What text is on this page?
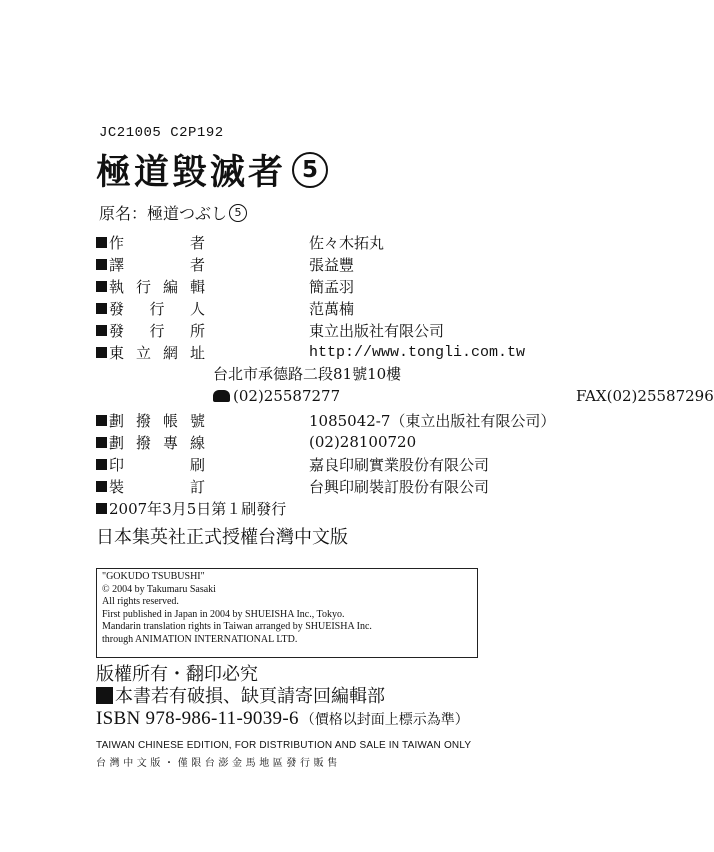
JC21005 C2P192
極道毀滅者 5
原名：極道つぶし 5
作　者	佐々木拓丸
譯　者	張益豐
執行編輯	簡孟羽
發行人	范萬楠
發行所	東立出版社有限公司
東立網址	http://www.tongli.com.tw
台北市承德路二段81號10樓
(02)25587277	FAX(02)25587296
劃撥帳號	1085042-7（東立出版社有限公司）
劃撥專線	(02)28100720
印　刷	嘉良印刷實業股份有限公司
裝　訂	台興印刷裝訂股份有限公司
2007年3月5日第１刷發行
日本集英社正式授權台灣中文版
"GOKUDO TSUBUSHI"
© 2004 by Takumaru Sasaki
All rights reserved.
First published in Japan in 2004 by SHUEISHA Inc., Tokyo.
Mandarin translation rights in Taiwan arranged by SHUEISHA Inc.
through ANIMATION INTERNATIONAL LTD.
版權所有・翻印必究
本書若有破損、缺頁請寄回編輯部
ISBN 978-986-11-9039-6 （價格以封面上標示為準）
TAIWAN CHINESE EDITION, FOR DISTRIBUTION AND SALE IN TAIWAN ONLY
台灣中文版・僅限台澎金馬地區發行販售
